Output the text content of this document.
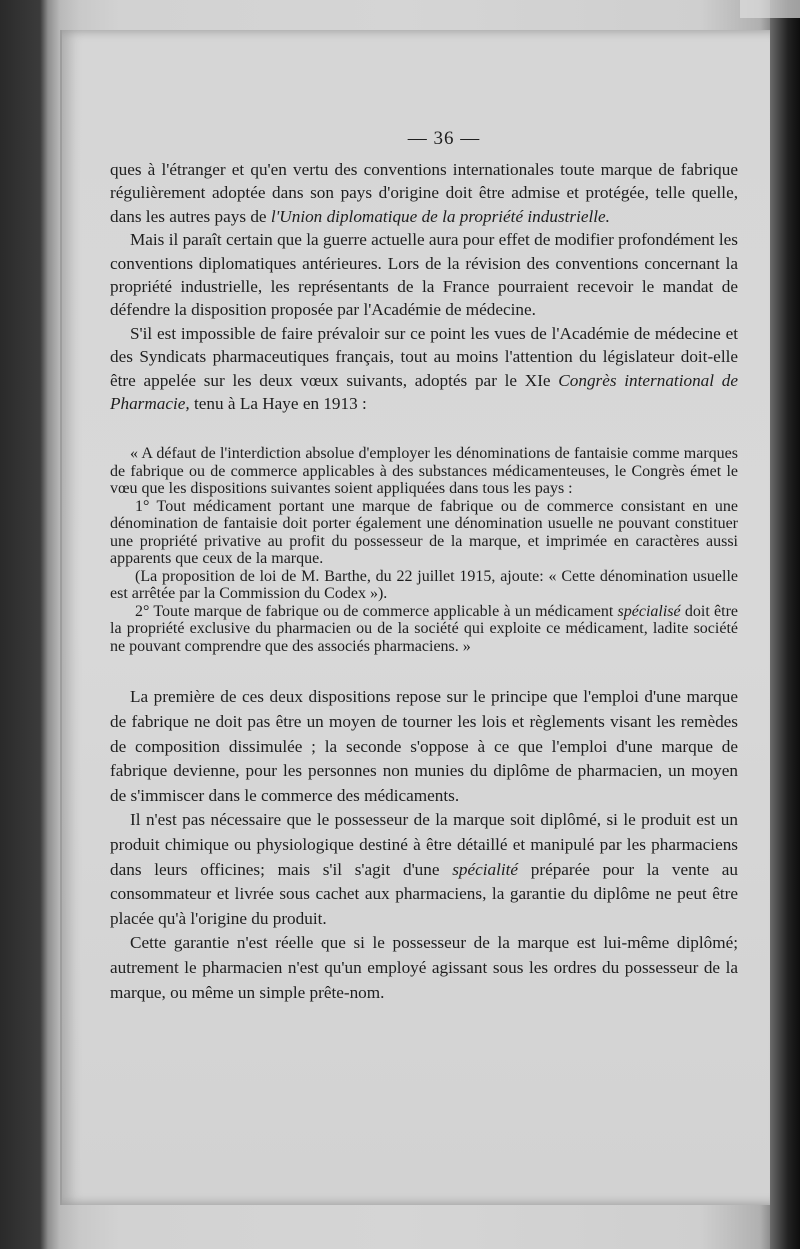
— 36 —

ques à l'étranger et qu'en vertu des conventions internationales toute marque de fabrique régulièrement adoptée dans son pays d'origine doit être admise et protégée, telle quelle, dans les autres pays de l'Union diplomatique de la propriété industrielle.

Mais il paraît certain que la guerre actuelle aura pour effet de modifier profondément les conventions diplomatiques antérieures. Lors de la révision des conventions concernant la propriété industrielle, les représentants de la France pourraient recevoir le mandat de défendre la disposition proposée par l'Académie de médecine.

S'il est impossible de faire prévaloir sur ce point les vues de l'Académie de médecine et des Syndicats pharmaceutiques français, tout au moins l'attention du législateur doit-elle être appelée sur les deux vœux suivants, adoptés par le XIe Congrès international de Pharmacie, tenu à La Haye en 1913 :

« A défaut de l'interdiction absolue d'employer les dénominations de fantaisie comme marques de fabrique ou de commerce applicables à des substances médicamenteuses, le Congrès émet le vœu que les dispositions suivantes soient appliquées dans tous les pays :

1° Tout médicament portant une marque de fabrique ou de commerce consistant en une dénomination de fantaisie doit porter également une dénomination usuelle ne pouvant constituer une propriété privative au profit du possesseur de la marque, et imprimée en caractères aussi apparents que ceux de la marque.

(La proposition de loi de M. Barthe, du 22 juillet 1915, ajoute: « Cette dénomination usuelle est arrêtée par la Commission du Codex »).

2° Toute marque de fabrique ou de commerce applicable à un médicament spécialisé doit être la propriété exclusive du pharmacien ou de la société qui exploite ce médicament, ladite société ne pouvant comprendre que des associés pharmaciens. »

La première de ces deux dispositions repose sur le principe que l'emploi d'une marque de fabrique ne doit pas être un moyen de tourner les lois et règlements visant les remèdes de composition dissimulée ; la seconde s'oppose à ce que l'emploi d'une marque de fabrique devienne, pour les personnes non munies du diplôme de pharmacien, un moyen de s'immiscer dans le commerce des médicaments.

Il n'est pas nécessaire que le possesseur de la marque soit diplômé, si le produit est un produit chimique ou physiologique destiné à être détaillé et manipulé par les pharmaciens dans leurs officines; mais s'il s'agit d'une spécialité préparée pour la vente au consommateur et livrée sous cachet aux pharmaciens, la garantie du diplôme ne peut être placée qu'à l'origine du produit.

Cette garantie n'est réelle que si le possesseur de la marque est lui-même diplômé; autrement le pharmacien n'est qu'un employé agissant sous les ordres du possesseur de la marque, ou même un simple prête-nom.
